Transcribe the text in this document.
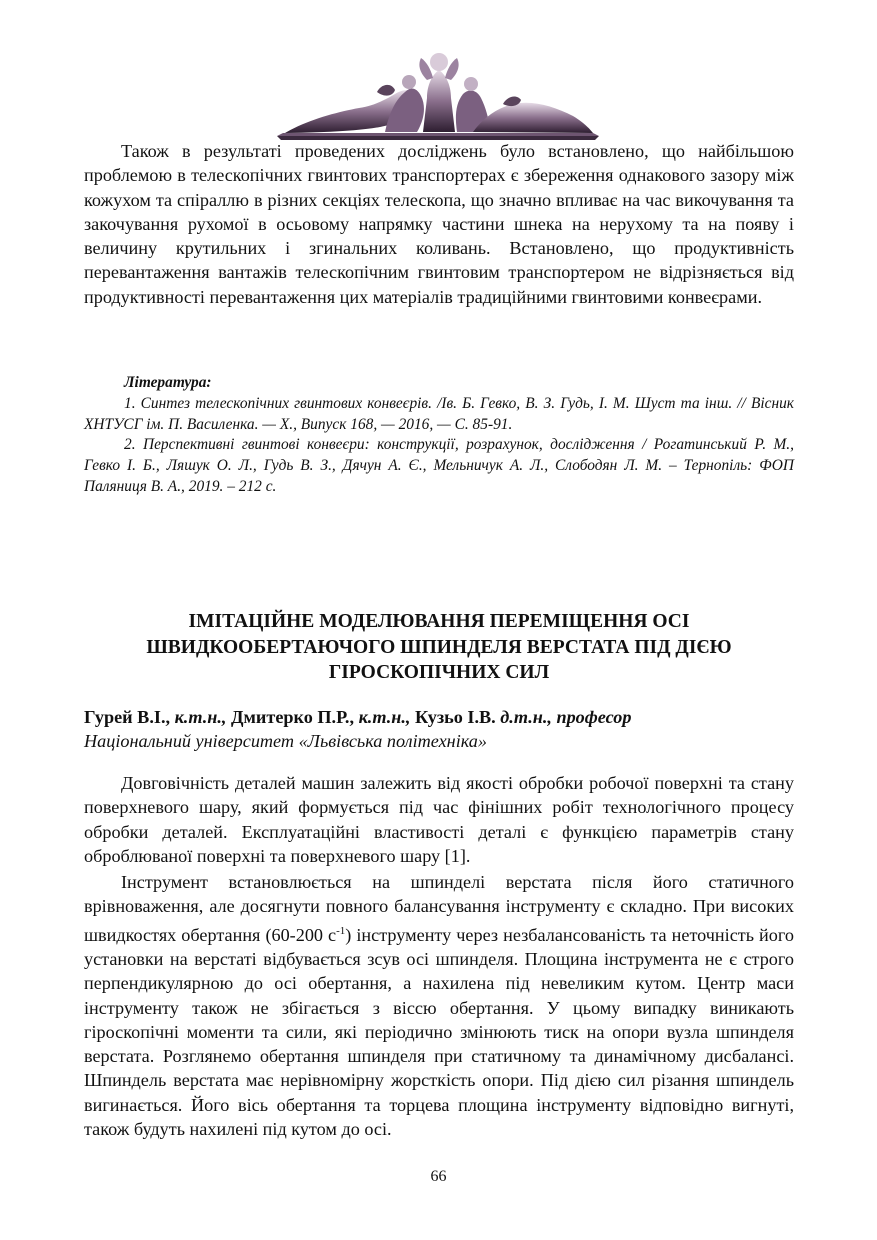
Також в результаті проведених досліджень було встановлено, що найбільшою проблемою в телескопічних гвинтових транспортерах є збереження однакового зазору між кожухом та спіраллю в різних секціях телескопа, що значно впливає на час викочування та закочування рухомої в осьовому напрямку частини шнека на нерухому та на появу і величину крутильних і згинальних коливань. Встановлено, що продуктивність перевантаження вантажів телескопічним гвинтовим транспортером не відрізняється від продуктивності перевантаження цих матеріалів традиційними гвинтовими конвеєрами.

Література:

1. Синтез телескопічних гвинтових конвеєрів. /Ів. Б. Гевко, В. З. Гудь, І. М. Шуст та інш. // Вісник ХНТУСГ ім. П. Василенка. — Х., Випуск 168, — 2016, — С. 85-91.

2. Перспективні гвинтові конвеєри: конструкції, розрахунок, дослідження / Рогатинський Р. М., Гевко І. Б., Ляшук О. Л., Гудь В. З., Дячун А. Є., Мельничук А. Л., Слободян Л. М. – Тернопіль: ФОП Паляниця В. А., 2019. – 212 с.

ІМІТАЦІЙНЕ МОДЕЛЮВАННЯ ПЕРЕМІЩЕННЯ ОСІ
ШВИДКООБЕРТАЮЧОГО ШПИНДЕЛЯ ВЕРСТАТА ПІД ДІЄЮ
ГІРОСКОПІЧНИХ СИЛ

Гурей В.І., к.т.н., Дмитерко П.Р., к.т.н., Кузьо І.В. д.т.н., професор

Національний університет «Львівська політехніка»

Довговічність деталей машин залежить від якості обробки робочої поверхні та стану поверхневого шару, який формується під час фінішних робіт технологічного процесу обробки деталей. Експлуатаційні властивості деталі є функцією параметрів стану оброблюваної поверхні та поверхневого шару [1].

Інструмент встановлюється на шпинделі верстата після його статичного врівноваження, але досягнути повного балансування інструменту є складно. При високих швидкостях обертання (60-200 $с^{-1}$) інструменту через незбалансованість та неточність його установки на верстаті відбувається зсув осі шпинделя. Площина інструмента не є строго перпендикулярною до осі обертання, а нахилена під невеликим кутом. Центр маси інструменту також не збігається з віссю обертання. У цьому випадку виникають гіроскопічні моменти та сили, які періодично змінюють тиск на опори вузла шпинделя верстата. Розглянемо обертання шпинделя при статичному та динамічному дисбалансі. Шпиндель верстата має нерівномірну жорсткість опори. Під дією сил різання шпиндель вигинається. Його вісь обертання та торцева площина інструменту відповідно вигнуті, також будуть нахилені під кутом до осі.

66
